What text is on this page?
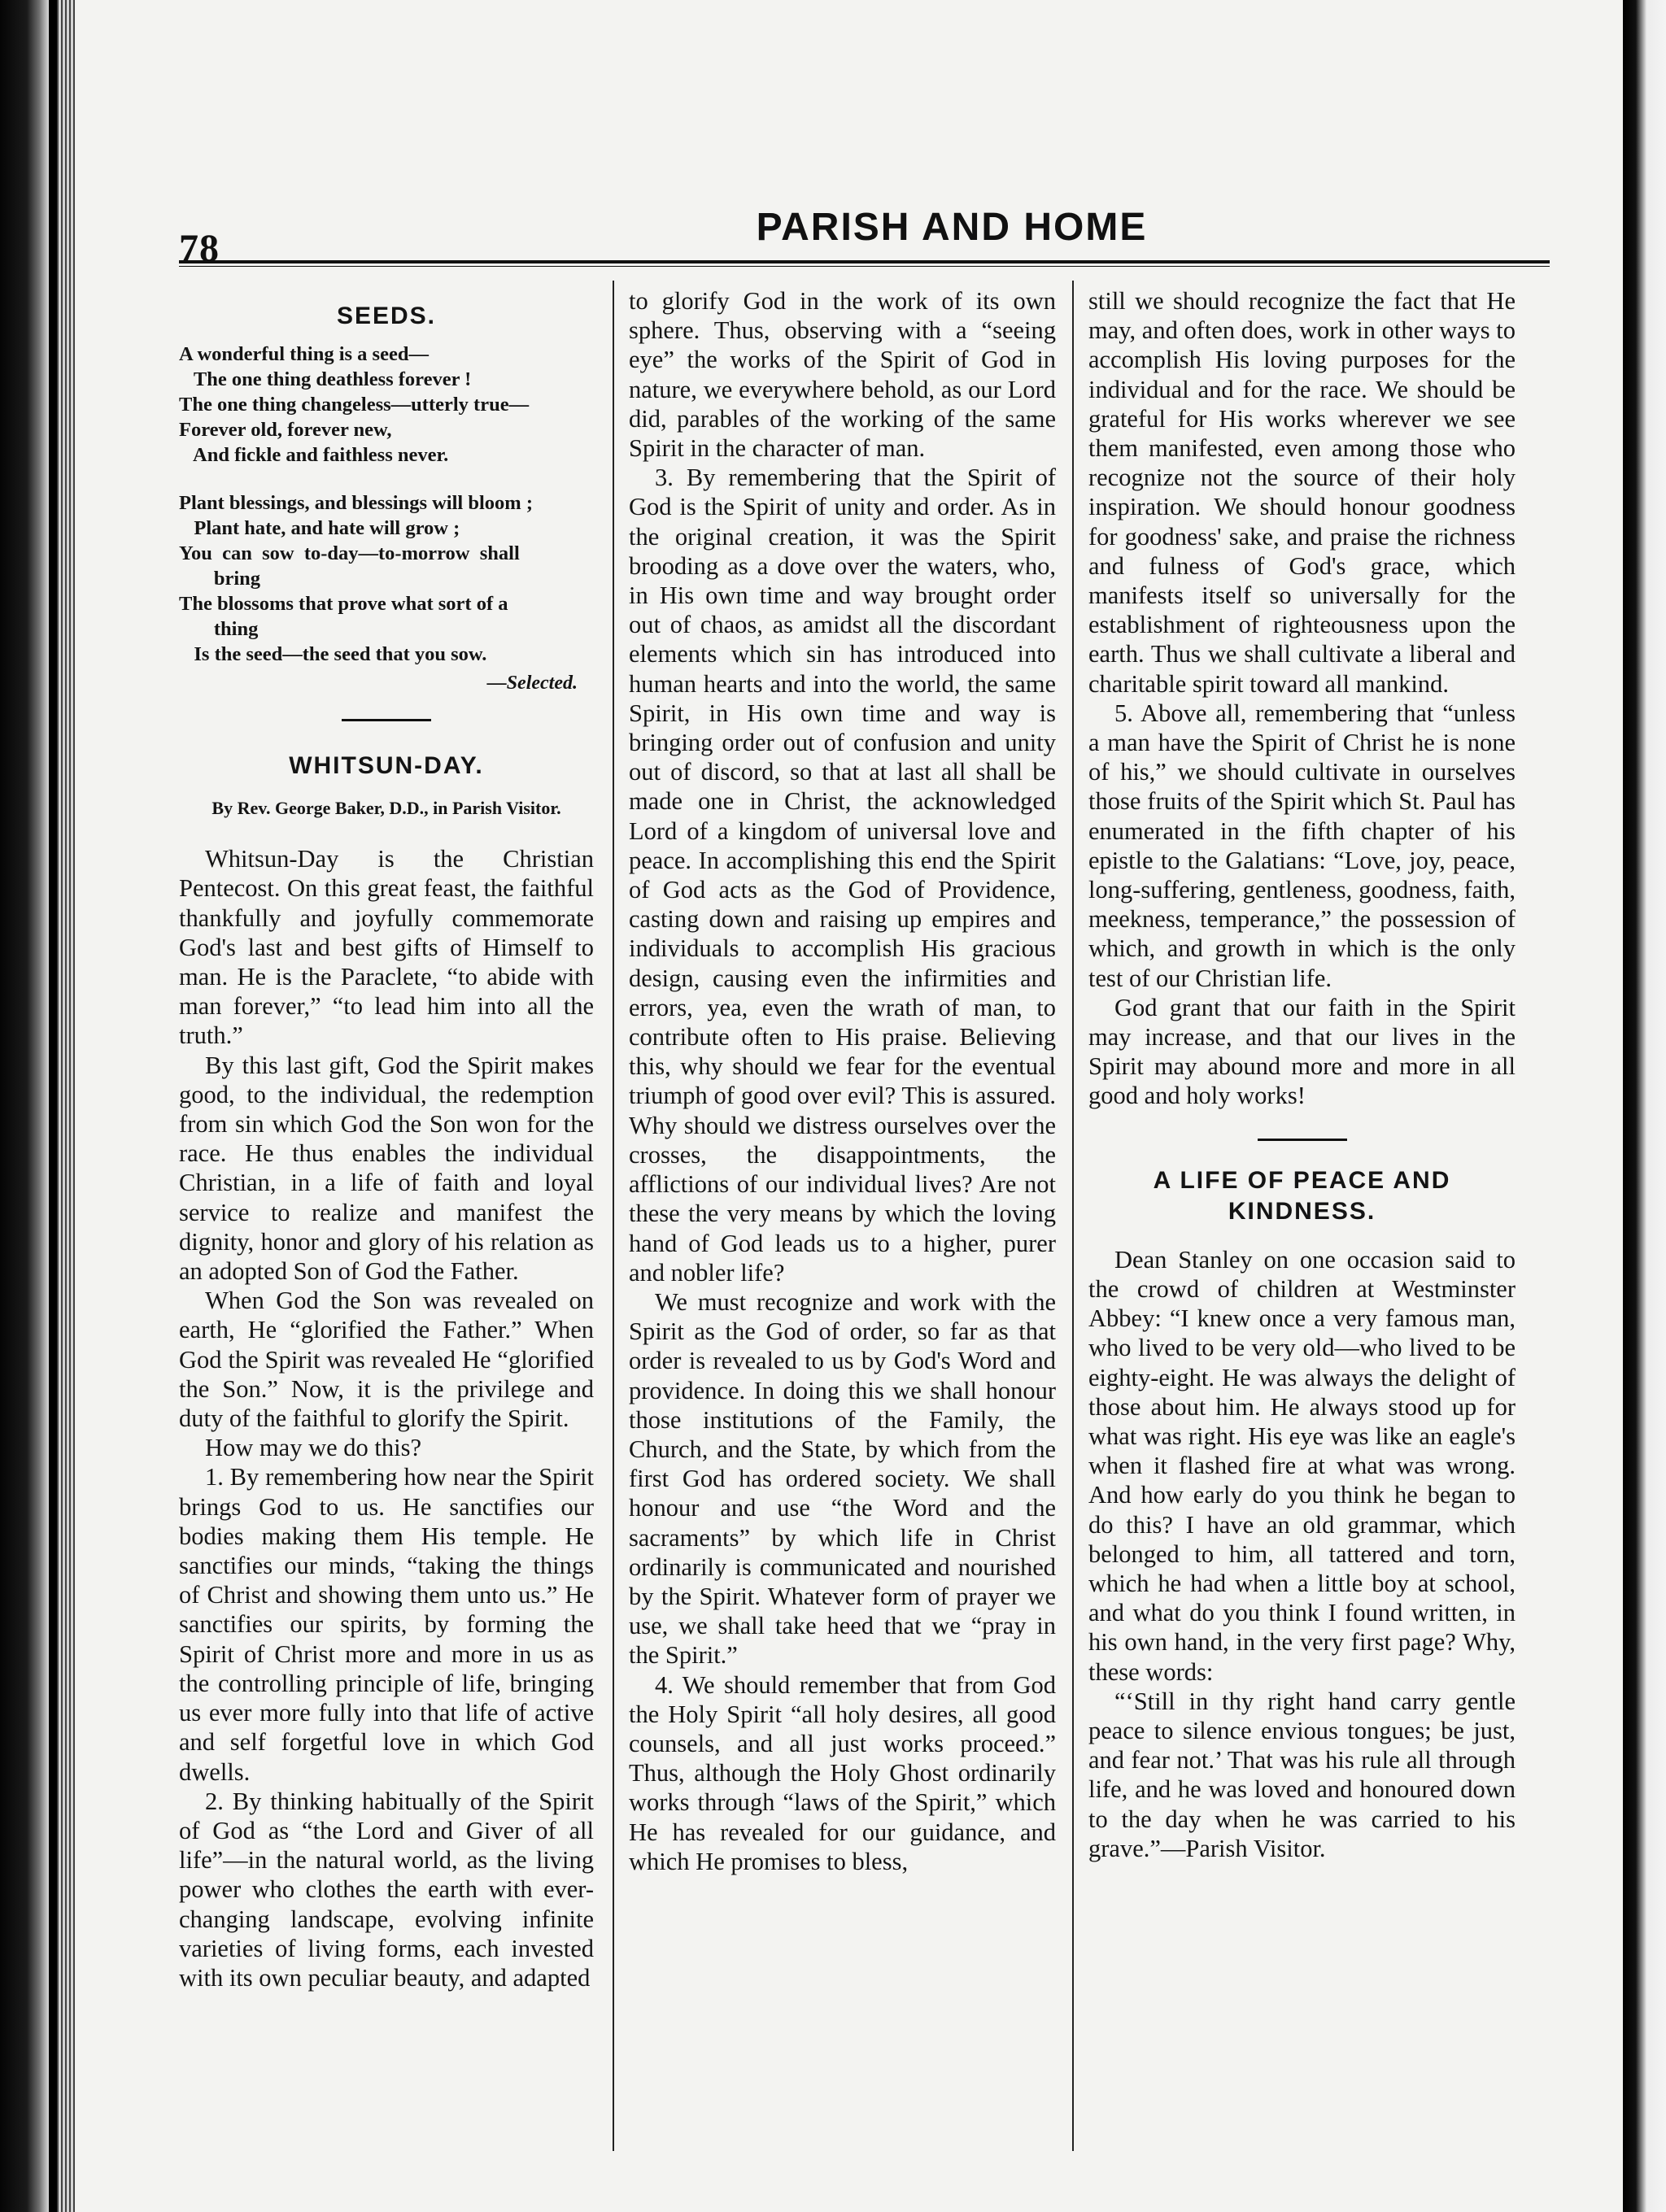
78	PARISH AND HOME
SEEDS.
A wonderful thing is a seed—
The one thing deathless forever !
The one thing changeless—utterly true—
Forever old, forever new,
And fickle and faithless never.
Plant blessings, and blessings will bloom ;
Plant hate, and hate will grow ;
You  can  sow  to-day—to-morrow  shall
bring
The blossoms that prove what sort of a
thing
Is the seed—the seed that you sow.
—Selected.
WHITSUN-DAY.
By Rev. George Baker, D.D., in Parish Visitor.

Whitsun-Day is the Christian Pentecost. On this great feast, the faithful thankfully and joyfully commemorate God's last and best gifts of Himself to man. He is the Paraclete, “to abide with man forever,” “to lead him into all the truth.”

By this last gift, God the Spirit makes good, to the individual, the redemption from sin which God the Son won for the race. He thus enables the individual Christian, in a life of faith and loyal service to realize and manifest the dignity, honor and glory of his relation as an adopted Son of God the Father.

When God the Son was revealed on earth, He “glorified the Father.” When God the Spirit was revealed He “glorified the Son.” Now, it is the privilege and duty of the faithful to glorify the Spirit.

How may we do this?

1. By remembering how near the Spirit brings God to us. He sanctifies our bodies making them His temple. He sanctifies our minds, “taking the things of Christ and showing them unto us.” He sanctifies our spirits, by forming the Spirit of Christ more and more in us as the controlling principle of life, bringing us ever more fully into that life of active and self forgetful love in which God dwells.

2. By thinking habitually of the Spirit of God as “the Lord and Giver of all life”—in the natural world, as the living power who clothes the earth with ever-changing landscape, evolving infinite varieties of living forms, each invested with its own peculiar beauty, and adapted

to glorify God in the work of its own sphere. Thus, observing with a “seeing eye” the works of the Spirit of God in nature, we everywhere behold, as our Lord did, parables of the working of the same Spirit in the character of man.

3. By remembering that the Spirit of God is the Spirit of unity and order. As in the original creation, it was the Spirit brooding as a dove over the waters, who, in His own time and way brought order out of chaos, as amidst all the discordant elements which sin has introduced into human hearts and into the world, the same Spirit, in His own time and way is bringing order out of confusion and unity out of discord, so that at last all shall be made one in Christ, the acknowledged Lord of a kingdom of universal love and peace. In accomplishing this end the Spirit of God acts as the God of Providence, casting down and raising up empires and individuals to accomplish His gracious design, causing even the infirmities and errors, yea, even the wrath of man, to contribute often to His praise. Believing this, why should we fear for the eventual triumph of good over evil? This is assured. Why should we distress ourselves over the crosses, the disappointments, the afflictions of our individual lives? Are not these the very means by which the loving hand of God leads us to a higher, purer and nobler life?

We must recognize and work with the Spirit as the God of order, so far as that order is revealed to us by God's Word and providence. In doing this we shall honour those institutions of the Family, the Church, and the State, by which from the first God has ordered society. We shall honour and use “the Word and the sacraments” by which life in Christ ordinarily is communicated and nourished by the Spirit. Whatever form of prayer we use, we shall take heed that we “pray in the Spirit.”

4. We should remember that from God the Holy Spirit “all holy desires, all good counsels, and all just works proceed.” Thus, although the Holy Ghost ordinarily works through “laws of the Spirit,” which He has revealed for our guidance, and which He promises to bless,

still we should recognize the fact that He may, and often does, work in other ways to accomplish His loving purposes for the individual and for the race. We should be grateful for His works wherever we see them manifested, even among those who recognize not the source of their holy inspiration. We should honour goodness for goodness' sake, and praise the richness and fulness of God's grace, which manifests itself so universally for the establishment of righteousness upon the earth. Thus we shall cultivate a liberal and charitable spirit toward all mankind.

5. Above all, remembering that “unless a man have the Spirit of Christ he is none of his,” we should cultivate in ourselves those fruits of the Spirit which St. Paul has enumerated in the fifth chapter of his epistle to the Galatians: “Love, joy, peace, long-suffering, gentleness, goodness, faith, meekness, temperance,” the possession of which, and growth in which is the only test of our Christian life.

God grant that our faith in the Spirit may increase, and that our lives in the Spirit may abound more and more in all good and holy works!

A LIFE OF PEACE AND KINDNESS.

Dean Stanley on one occasion said to the crowd of children at Westminster Abbey: “I knew once a very famous man, who lived to be very old—who lived to be eighty-eight. He was always the delight of those about him. He always stood up for what was right. His eye was like an eagle's when it flashed fire at what was wrong. And how early do you think he began to do this? I have an old grammar, which belonged to him, all tattered and torn, which he had when a little boy at school, and what do you think I found written, in his own hand, in the very first page? Why, these words:

“‘Still in thy right hand carry gentle peace to silence envious tongues; be just, and fear not.’ That was his rule all through life, and he was loved and honoured down to the day when he was carried to his grave.”—Parish Visitor.
